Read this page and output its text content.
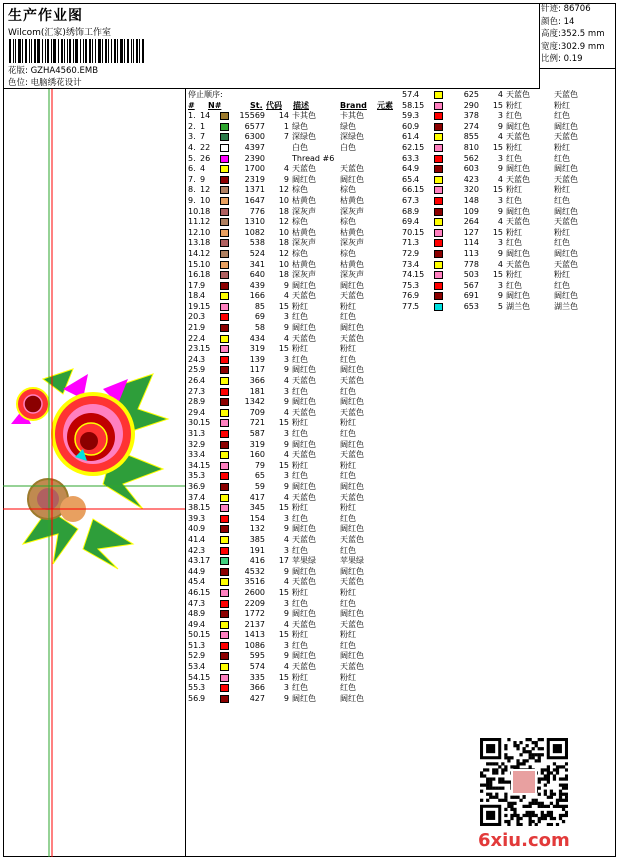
生产作业图
Wilcom(汇家)绣饰工作室
花版: GZHA4560.EMB
色位: 电脑绣花设计
针迹: 86706
颜色: 14
高度:352.5 mm
宽度:302.9 mm
比例: 0.19
停止顺序:
# N#	St. 代码 描述	Brand 元素
1. 14	15569	14 卡其色	卡其色
2. 1	6577	1 绿色	绿色
3. 7	6300	7 深绿色	深绿色
4. 22	4397	白色	白色
5. 26	2390	Thread #6
6. 4	1700	4 天蓝色	天蓝色
7. 9	2319	9 阔红色	阔红色
8. 12	1371	12 棕色	棕色
9. 10	1647	10 枯黄色	枯黄色
10. 18	776	18 深灰声	深灰声
11. 12	1310	12 棕色	棕色
12. 10	1082	10 枯黄色	枯黄色
13. 18	538	18 深灰声	深灰声
14. 12	524	12 棕色	棕色
15. 10	341	10 枯黄色	枯黄色
16. 18	640	18 深灰声	深灰声
17. 9	439	9 阔红色	阔红色
18. 4	166	4 天蓝色	天蓝色
19. 15	85	15 粉红	粉红
20. 3	69	3 红色	红色
21. 9	58	9 阔红色	阔红色
22. 4	434	4 天蓝色	天蓝色
23. 15	319	15 粉红	粉红
24. 3	139	3 红色	红色
25. 9	117	9 阔红色	阔红色
26. 4	366	4 天蓝色	天蓝色
27. 3	181	3 红色	红色
28. 9	1342	9 阔红色	阔红色
29. 4	709	4 天蓝色	天蓝色
30. 15	721	15 粉红	粉红
31. 3	587	3 红色	红色
32. 9	319	9 阔红色	阔红色
33. 4	160	4 天蓝色	天蓝色
34. 15	79	15 粉红	粉红
35. 3	65	3 红色	红色
36. 9	59	9 阔红色	阔红色
37. 4	417	4 天蓝色	天蓝色
38. 15	345	15 粉红	粉红
39. 3	154	3 红色	红色
40. 9	132	9 阔红色	阔红色
41. 4	385	4 天蓝色	天蓝色
42. 3	191	3 红色	红色
43. 17	416	17 苹果绿	苹果绿
44. 9	4532	9 阔红色	阔红色
45. 4	3516	4 天蓝色	天蓝色
46. 15	2600	15 粉红	粉红
47. 3	2209	3 红色	红色
48. 9	1772	9 阔红色	阔红色
49. 4	2137	4 天蓝色	天蓝色
50. 15	1413	15 粉红	粉红
51. 3	1086	3 红色	红色
52. 9	595	9 阔红色	阔红色
53. 4	574	4 天蓝色	天蓝色
54. 15	335	15 粉红	粉红
55. 3	366	3 红色	红色
56. 9	427	9 阔红色	阔红色
57. 4	625	4 天蓝色	天蓝色
58. 15	290	15 粉红	粉红
59. 3	378	3 红色	红色
60. 9	274	9 阔红色	阔红色
61. 4	855	4 天蓝色	天蓝色
62. 15	810	15 粉红	粉红
63. 3	562	3 红色	红色
64. 9	603	9 阔红色	阔红色
65. 4	423	4 天蓝色	天蓝色
66. 15	320	15 粉红	粉红
67. 3	148	3 红色	红色
68. 9	109	9 阔红色	阔红色
69. 4	264	4 天蓝色	天蓝色
70. 15	127	15 粉红	粉红
71. 3	114	3 红色	红色
72. 9	113	9 阔红色	阔红色
73. 4	778	4 天蓝色	天蓝色
74. 15	503	15 粉红	粉红
75. 3	567	3 红色	红色
76. 9	691	9 阔红色	阔红色
77. 5	653	5 湖兰色	湖兰色
6xiu.com
